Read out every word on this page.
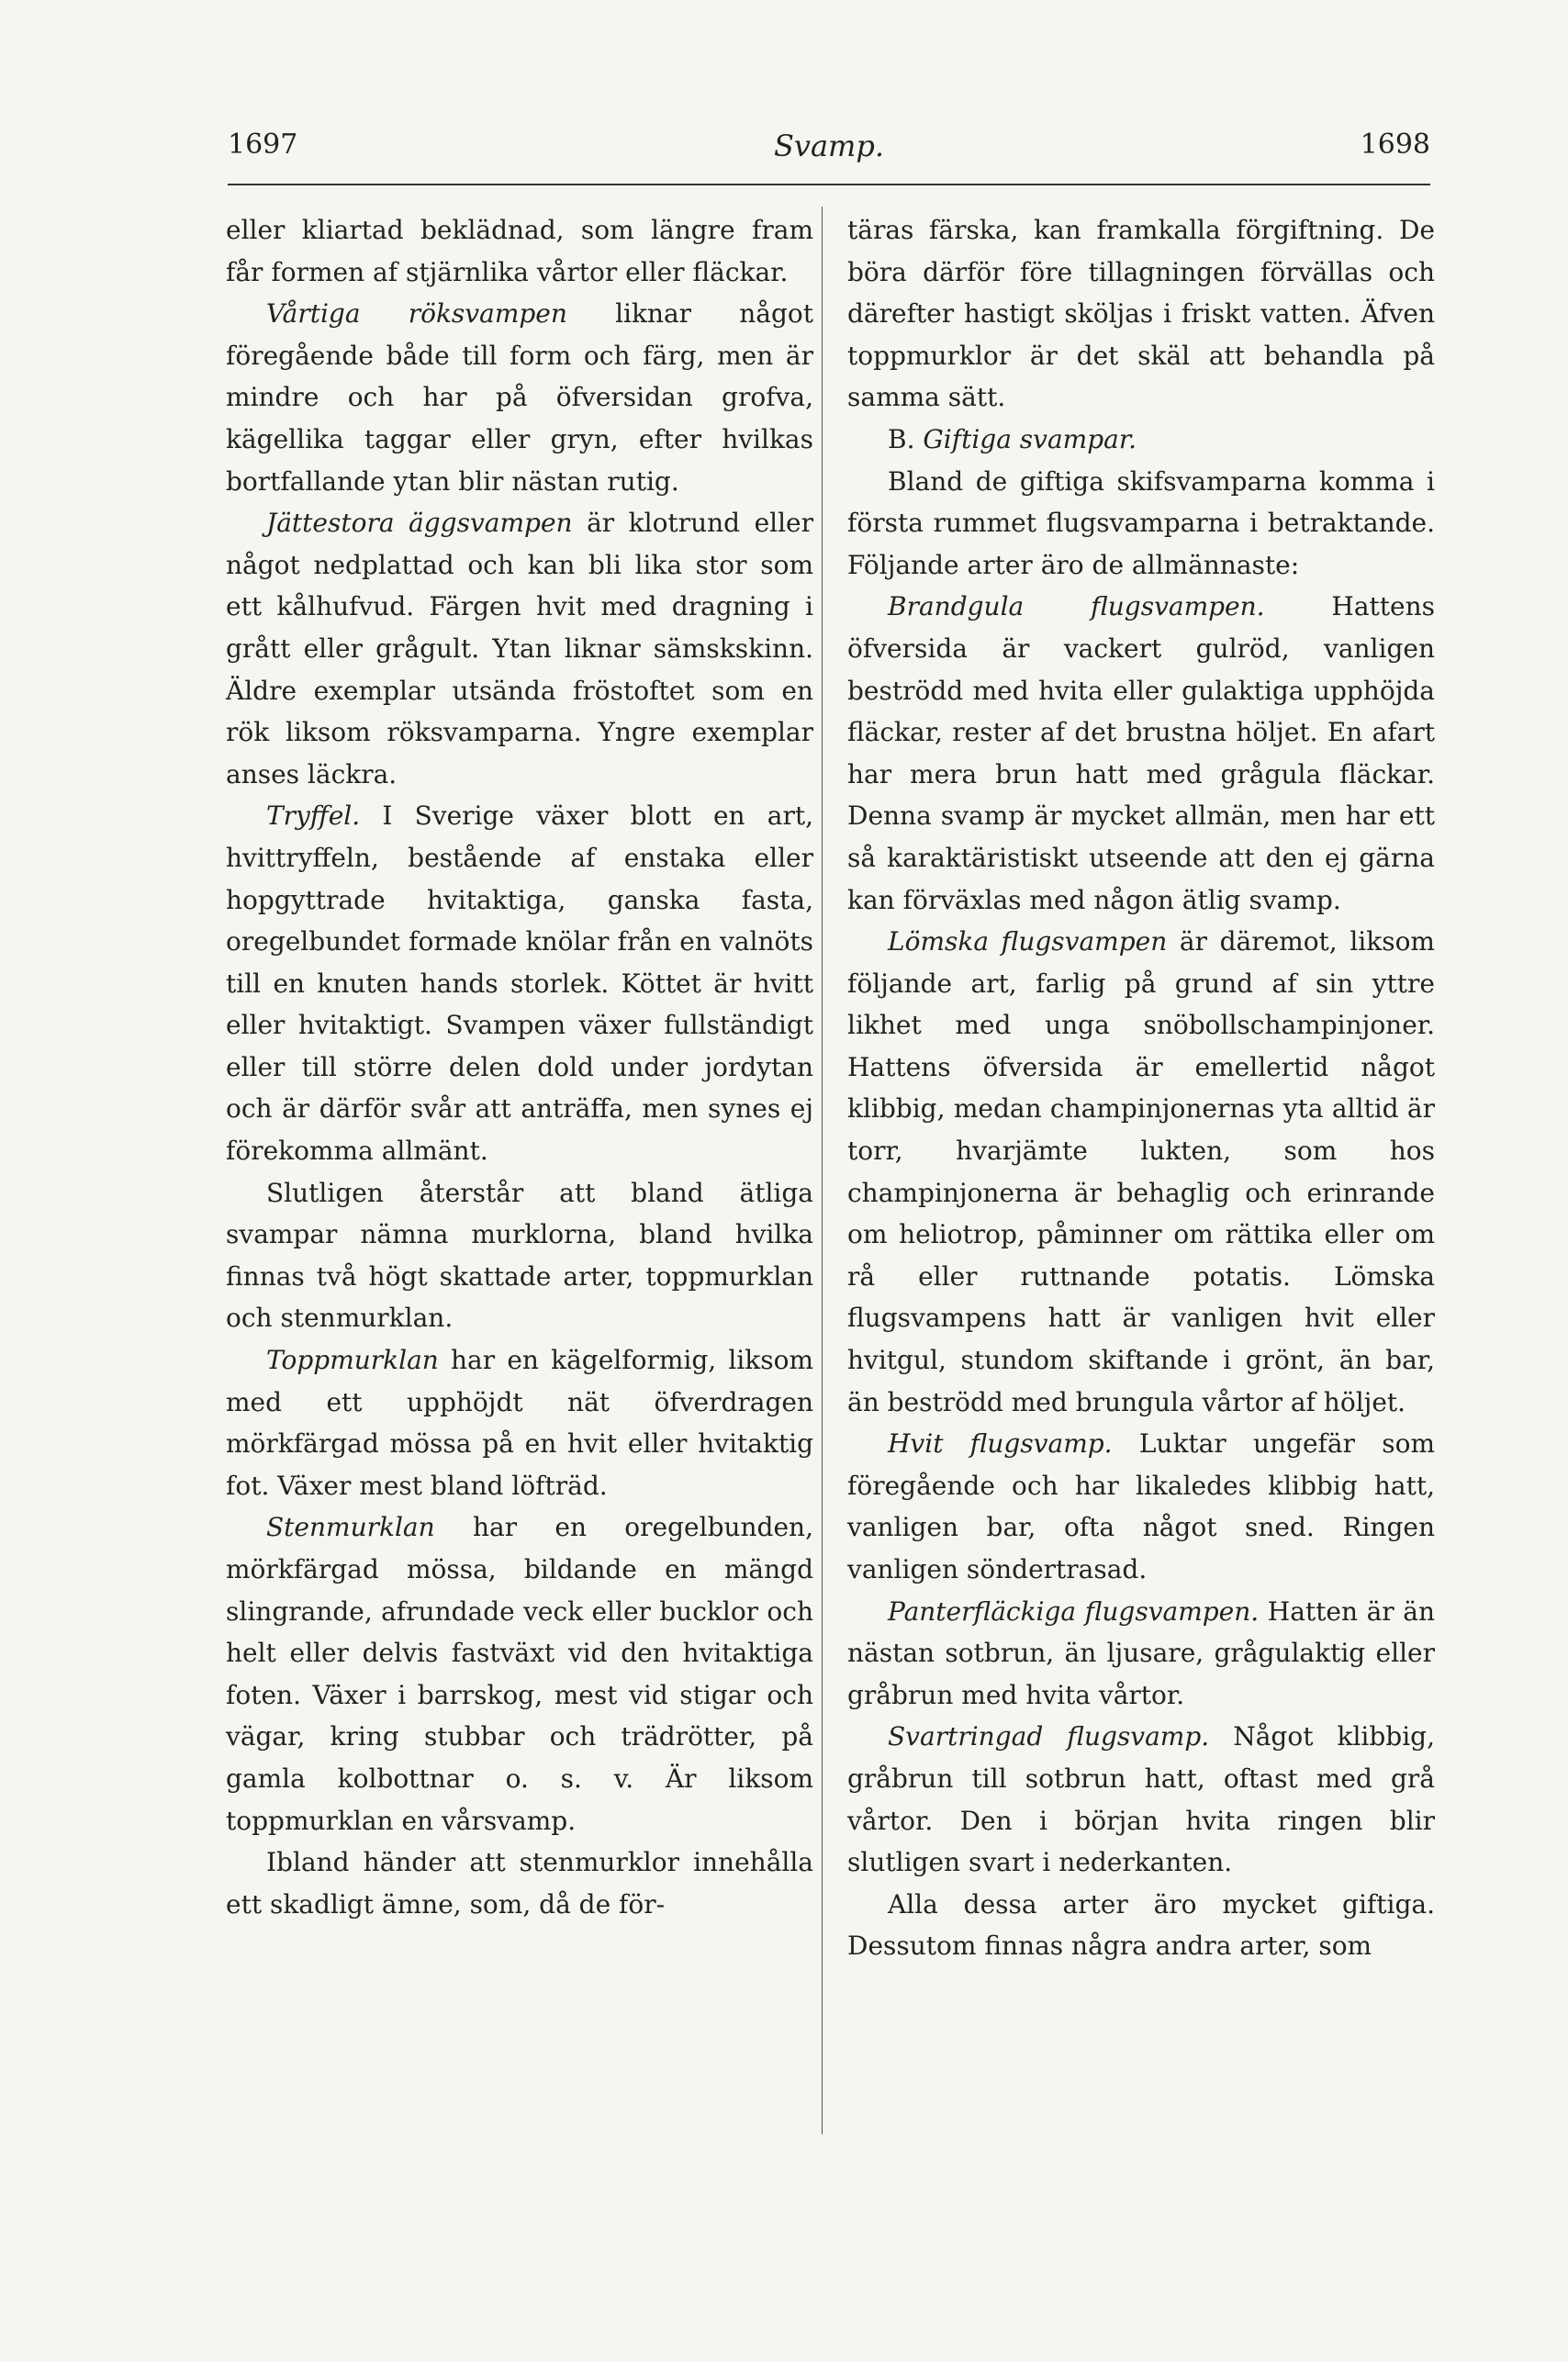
1697	Svamp.	1698

eller kliartad beklädnad, som längre fram får formen af stjärnlika vårtor eller fläckar.

Vårtiga röksvampen liknar något föregående både till form och färg, men är mindre och har på öfversidan grofva, kägellika taggar eller gryn, efter hvilkas bortfallande ytan blir nästan rutig.

Jättestora äggsvampen är klotrund eller något nedplattad och kan bli lika stor som ett kålhufvud. Färgen hvit med dragning i grått eller grågult. Ytan liknar sämskskinn. Äldre exemplar utsända fröstoftet som en rök liksom röksvamparna. Yngre exemplar anses läckra.

Tryffel. I Sverige växer blott en art, hvittryffeln, bestående af enstaka eller hopgyttrade hvitaktiga, ganska fasta, oregelbundet formade knölar från en valnöts till en knuten hands storlek. Köttet är hvitt eller hvitaktigt. Svampen växer fullständigt eller till större delen dold under jordytan och är därför svår att anträffa, men synes ej förekomma allmänt.

Slutligen återstår att bland ätliga svampar nämna murklorna, bland hvilka finnas två högt skattade arter, toppmurklan och stenmurklan.

Toppmurklan har en kägelformig, liksom med ett upphöjdt nät öfverdragen mörkfärgad mössa på en hvit eller hvitaktig fot. Växer mest bland löfträd.

Stenmurklan har en oregelbunden, mörkfärgad mössa, bildande en mängd slingrande, afrundade veck eller bucklor och helt eller delvis fastväxt vid den hvitaktiga foten. Växer i barrskog, mest vid stigar och vägar, kring stubbar och trädrötter, på gamla kolbottnar o. s. v. Är liksom toppmurklan en vårsvamp.

Ibland händer att stenmurklor innehålla ett skadligt ämne, som, då de för-

täras färska, kan framkalla förgiftning. De böra därför före tillagningen förvällas och därefter hastigt sköljas i friskt vatten. Äfven toppmurklor är det skäl att behandla på samma sätt.

B. Giftiga svampar.

Bland de giftiga skifsvamparna komma i första rummet flugsvamparna i betraktande. Följande arter äro de allmännaste:

Brandgula flugsvampen. Hattens öfversida är vackert gulröd, vanligen beströdd med hvita eller gulaktiga upphöjda fläckar, rester af det brustna höljet. En afart har mera brun hatt med grågula fläckar. Denna svamp är mycket allmän, men har ett så karaktäristiskt utseende att den ej gärna kan förväxlas med någon ätlig svamp.

Lömska flugsvampen är däremot, liksom följande art, farlig på grund af sin yttre likhet med unga snöbollschampinjoner. Hattens öfversida är emellertid något klibbig, medan champinjonernas yta alltid är torr, hvarjämte lukten, som hos champinjonerna är behaglig och erinrande om heliotrop, påminner om rättika eller om rå eller ruttnande potatis. Lömska flugsvampens hatt är vanligen hvit eller hvitgul, stundom skiftande i grönt, än bar, än beströdd med brungula vårtor af höljet.

Hvit flugsvamp. Luktar ungefär som föregående och har likaledes klibbig hatt, vanligen bar, ofta något sned. Ringen vanligen söndertrasad.

Panterfläckiga flugsvampen. Hatten är än nästan sotbrun, än ljusare, grågulaktig eller gråbrun med hvita vårtor.

Svartringad flugsvamp. Något klibbig, gråbrun till sotbrun hatt, oftast med grå vårtor. Den i början hvita ringen blir slutligen svart i nederkanten.

Alla dessa arter äro mycket giftiga. Dessutom finnas några andra arter, som
